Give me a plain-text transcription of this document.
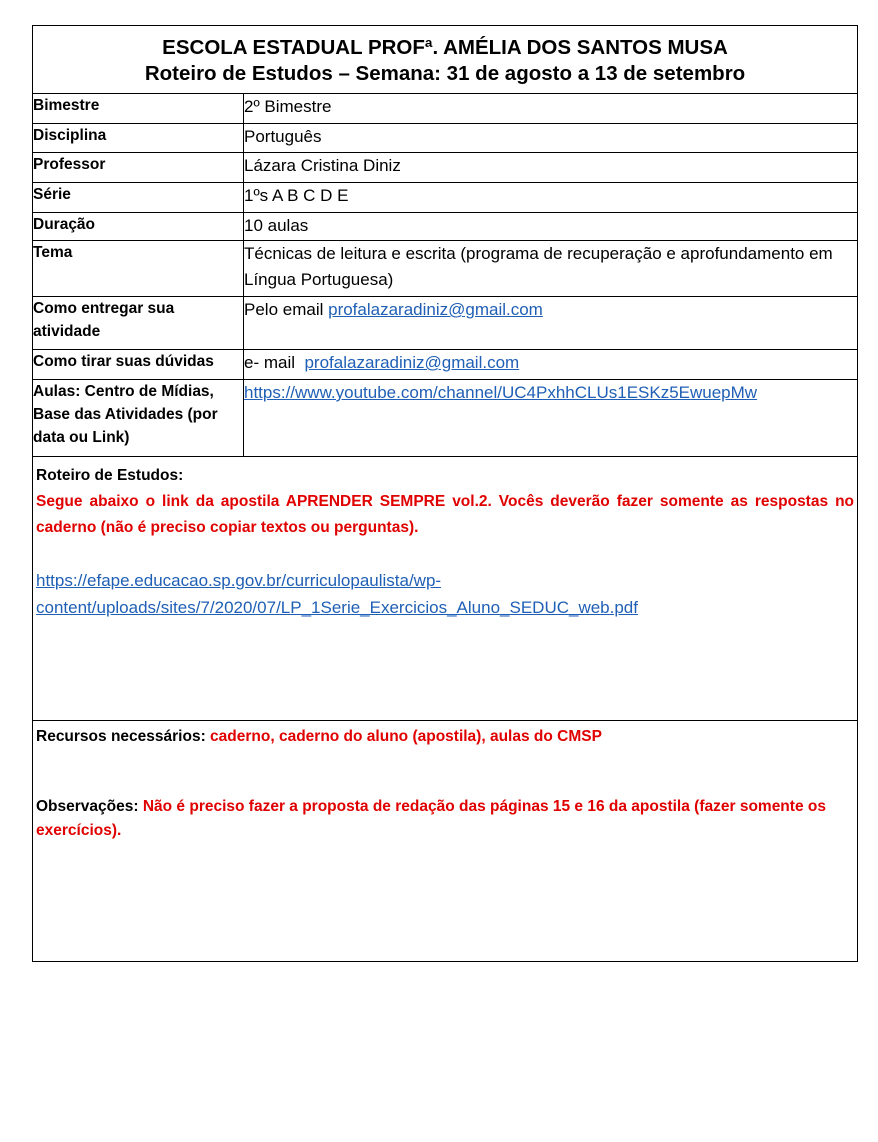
ESCOLA ESTADUAL PROFª. AMÉLIA DOS SANTOS MUSA
Roteiro de Estudos – Semana: 31 de agosto a 13 de setembro	

Bimestre	2º Bimestre
Disciplina	Português
Professor	Lázara Cristina Diniz
Série	1ºs A B C D E
Duração	10 aulas
Tema	Técnicas de leitura e escrita (programa de recuperação e aprofundamento em Língua Portuguesa)
Como entregar sua atividade	Pelo email profalazaradiniz@gmail.com
Como tirar suas dúvidas	e- mail  profalazaradiniz@gmail.com
Aulas: Centro de Mídias, Base das Atividades (por data ou Link)	https://www.youtube.com/channel/UC4PxhhCLUs1ESKz5EwuepMw

Roteiro de Estudos:
Segue abaixo o link da apostila APRENDER SEMPRE vol.2. Vocês deverão fazer somente as respostas no caderno (não é preciso copiar textos ou perguntas).
https://efape.educacao.sp.gov.br/curriculopaulista/wp-content/uploads/sites/7/2020/07/LP_1Serie_Exercicios_Aluno_SEDUC_web.pdf	

Recursos necessários: caderno, caderno do aluno (apostila), aulas do CMSP
Observações: Não é preciso fazer a proposta de redação das páginas 15 e 16 da apostila (fazer somente os exercícios).	
